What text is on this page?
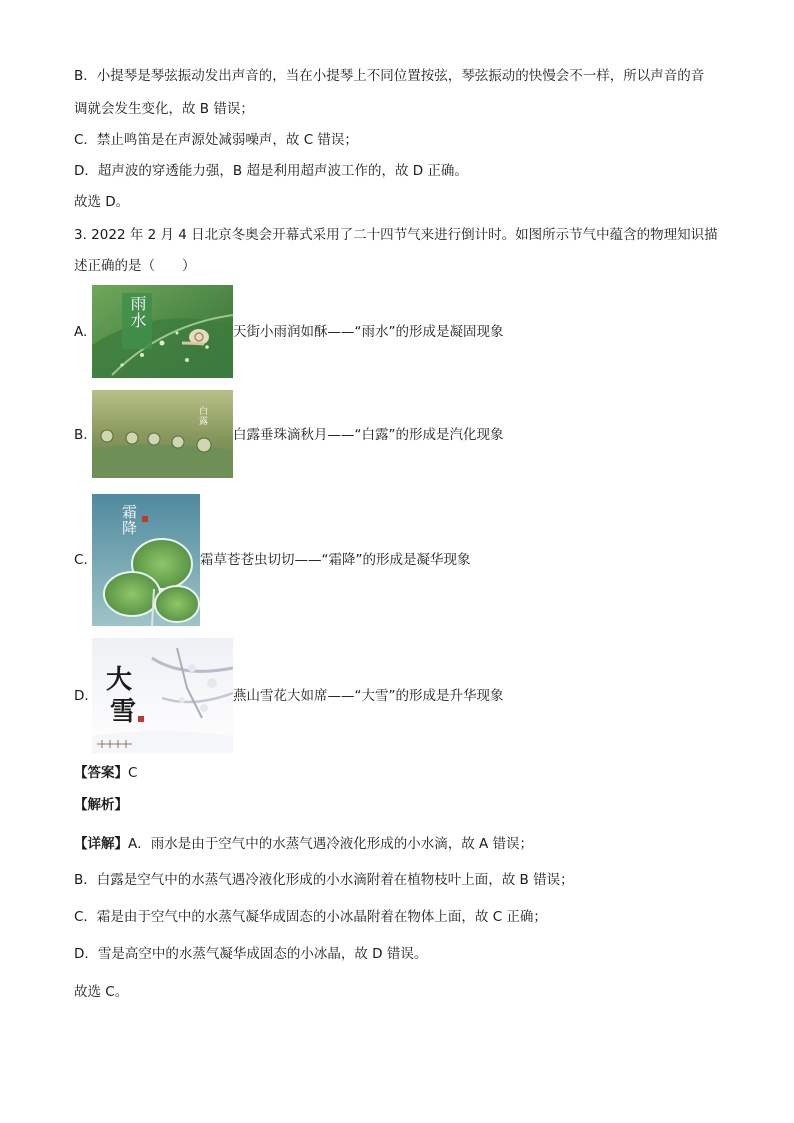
B．小提琴是琴弦振动发出声音的，当在小提琴上不同位置按弦，琴弦振动的快慢会不一样，所以声音的音
调就会发生变化，故 B 错误；
C．禁止鸣笛是在声源处减弱噪声，故 C 错误；
D．超声波的穿透能力强，B 超是利用超声波工作的，故 D 正确。
故选 D。
3. 2022 年 2 月 4 日北京冬奥会开幕式采用了二十四节气来进行倒计时。如图所示节气中蕴含的物理知识描
述正确的是（　　）
A.
雨水
天街小雨润如酥——“雨水”的形成是凝固现象
B.
白露
白露垂珠滴秋月——“白露”的形成是汽化现象
C.
霜降
霜草苍苍虫切切——“霜降”的形成是凝华现象
D.
大
雪
燕山雪花大如席——“大雪”的形成是升华现象
【答案】C
【解析】
【详解】A．雨水是由于空气中的水蒸气遇冷液化形成的小水滴，故 A 错误；
B．白露是空气中的水蒸气遇冷液化形成的小水滴附着在植物枝叶上面，故 B 错误；
C．霜是由于空气中的水蒸气凝华成固态的小冰晶附着在物体上面，故 C 正确；
D．雪是高空中的水蒸气凝华成固态的小冰晶，故 D 错误。
故选 C。
